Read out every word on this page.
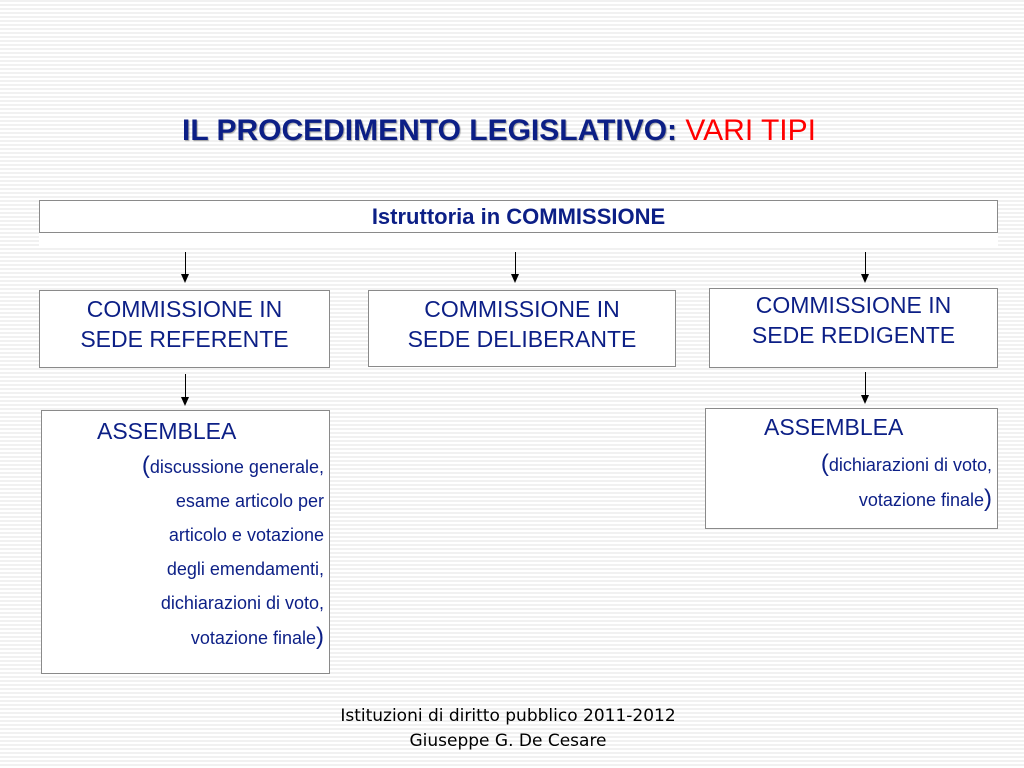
IL PROCEDIMENTO LEGISLATIVO: VARI TIPI
Istruttoria in COMMISSIONE
COMMISSIONE IN
SEDE REFERENTE
COMMISSIONE IN
SEDE DELIBERANTE
COMMISSIONE IN
SEDE REDIGENTE
ASSEMBLEA
(discussione generale,
esame articolo per
articolo e votazione
degli emendamenti,
dichiarazioni di voto,
votazione finale)
ASSEMBLEA
(dichiarazioni di voto,
votazione finale)
Istituzioni di diritto pubblico 2011-2012
Giuseppe G. De Cesare
